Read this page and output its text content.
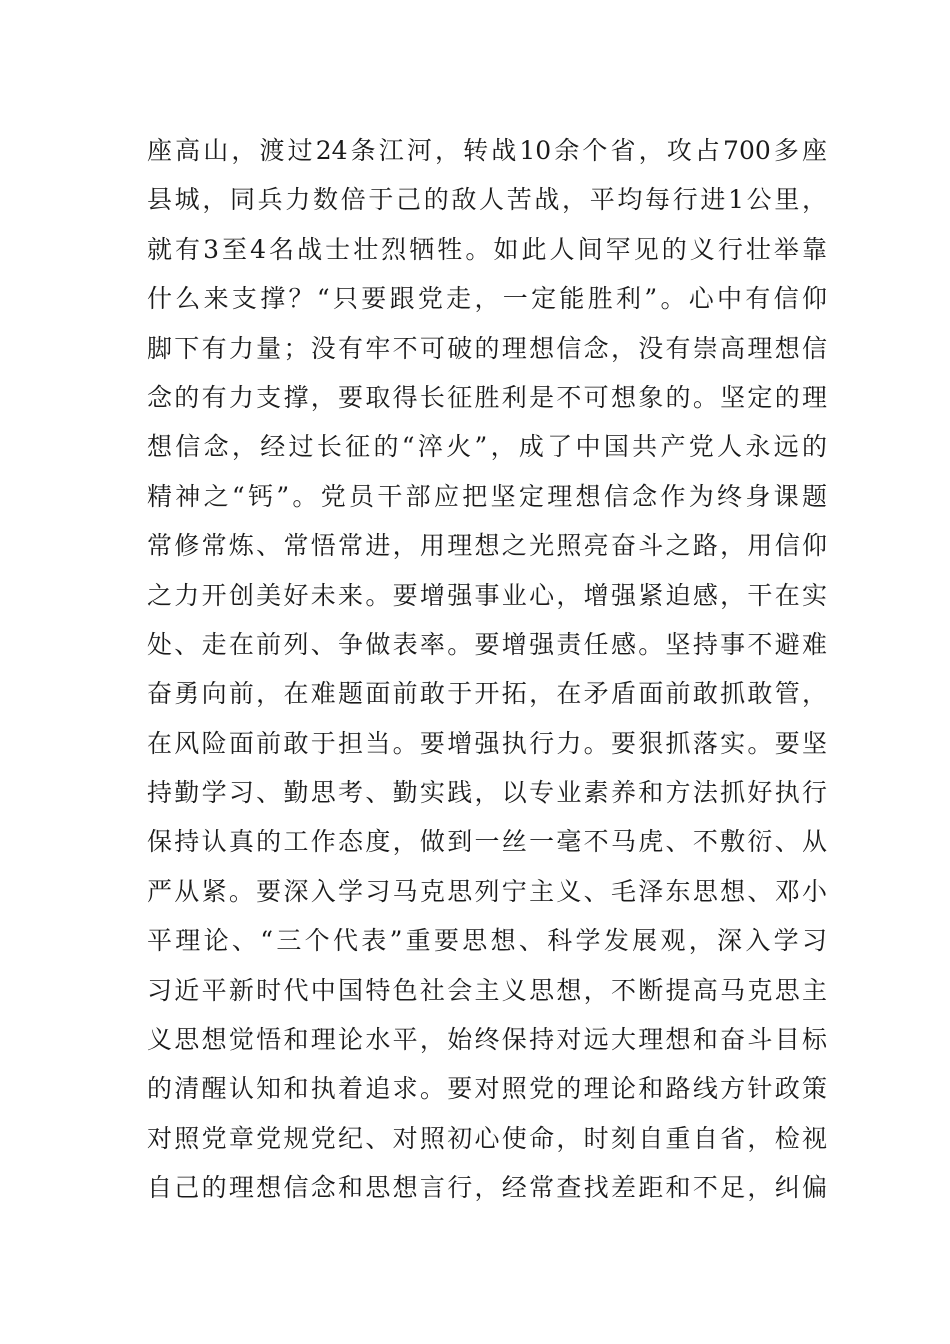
座高山，渡过24条江河，转战10余个省，攻占700多座
县城，同兵力数倍于己的敌人苦战，平均每行进1公里，
就有3至4名战士壮烈牺牲。如此人间罕见的义行壮举靠
什么来支撑？“只要跟党走，一定能胜利”。心中有信仰
脚下有力量；没有牢不可破的理想信念，没有崇高理想信
念的有力支撑，要取得长征胜利是不可想象的。坚定的理
想信念，经过长征的“淬火”，成了中国共产党人永远的
精神之“钙”。党员干部应把坚定理想信念作为终身课题
常修常炼、常悟常进，用理想之光照亮奋斗之路，用信仰
之力开创美好未来。要增强事业心，增强紧迫感，干在实
处、走在前列、争做表率。要增强责任感。坚持事不避难
奋勇向前，在难题面前敢于开拓，在矛盾面前敢抓敢管，
在风险面前敢于担当。要增强执行力。要狠抓落实。要坚
持勤学习、勤思考、勤实践，以专业素养和方法抓好执行
保持认真的工作态度，做到一丝一毫不马虎、不敷衍、从
严从紧。要深入学习马克思列宁主义、毛泽东思想、邓小
平理论、“三个代表”重要思想、科学发展观，深入学习
习近平新时代中国特色社会主义思想，不断提高马克思主
义思想觉悟和理论水平，始终保持对远大理想和奋斗目标
的清醒认知和执着追求。要对照党的理论和路线方针政策
对照党章党规党纪、对照初心使命，时刻自重自省，检视
自己的理想信念和思想言行，经常查找差距和不足，纠偏
